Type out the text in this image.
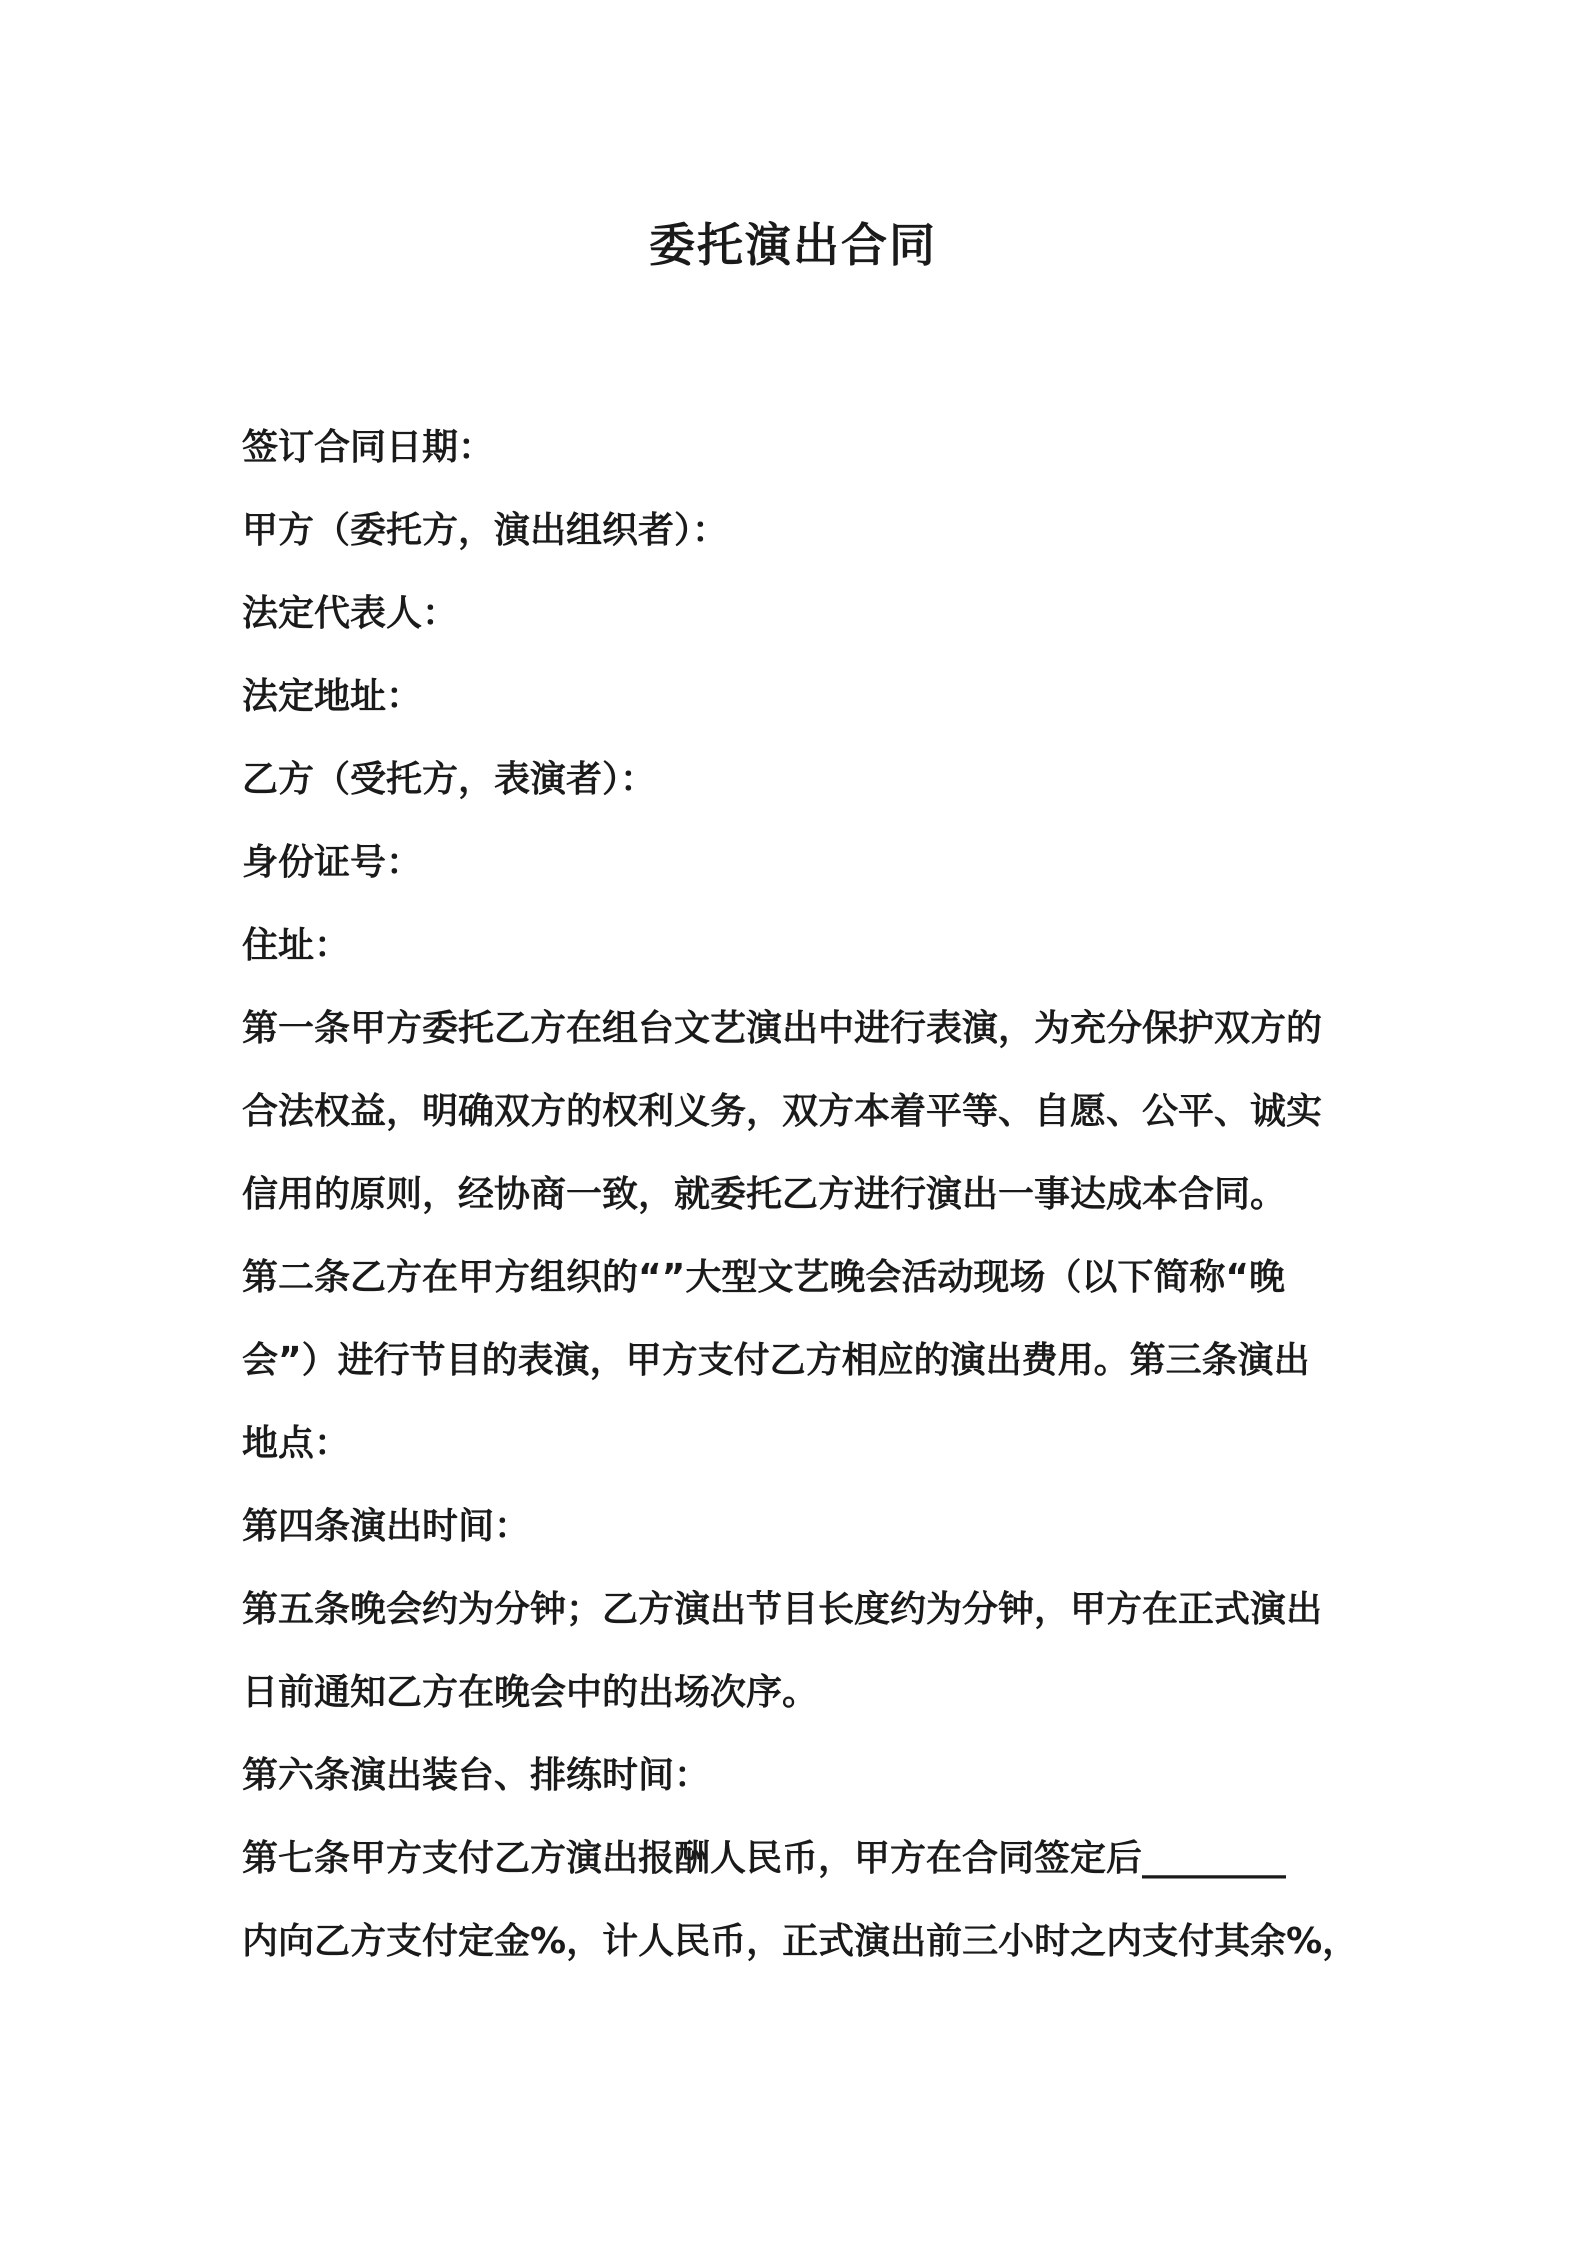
委托演出合同
签订合同日期：
甲方（委托方，演出组织者）：
法定代表人：
法定地址：
乙方（受托方，表演者）：
身份证号：
住址：
第一条甲方委托乙方在组台文艺演出中进行表演，为充分保护双方的
合法权益，明确双方的权利义务，双方本着平等、自愿、公平、诚实
信用的原则，经协商一致，就委托乙方进行演出一事达成本合同。
第二条乙方在甲方组织的“”大型文艺晚会活动现场（以下简称“晚
会”）进行节目的表演，甲方支付乙方相应的演出费用。第三条演出
地点：
第四条演出时间：
第五条晚会约为分钟；乙方演出节目长度约为分钟，甲方在正式演出
日前通知乙方在晚会中的出场次序。
第六条演出装台、排练时间：
第七条甲方支付乙方演出报酬人民币，甲方在合同签定后________
内向乙方支付定金%，计人民币，正式演出前三小时之内支付其余%，
